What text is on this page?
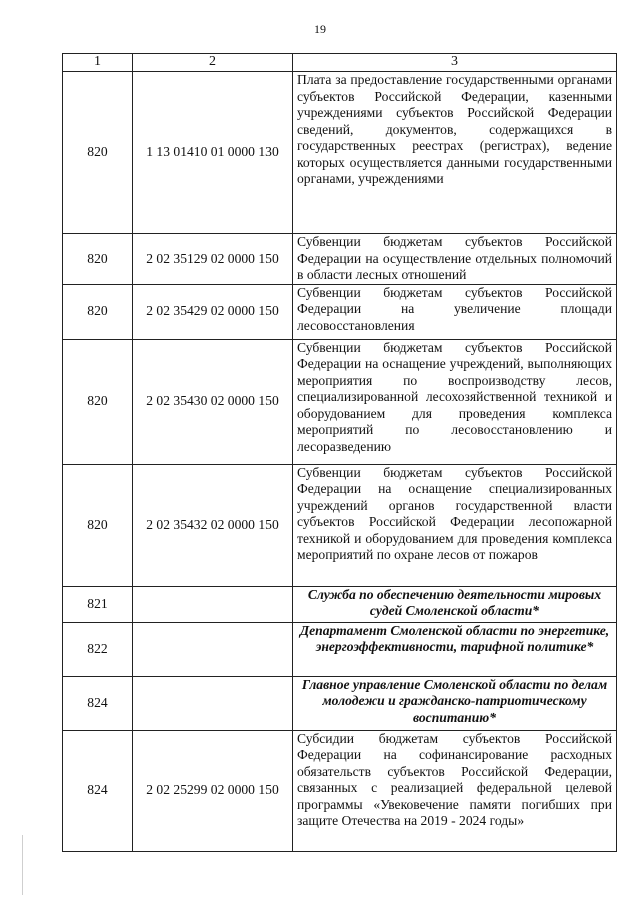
19
1	2	3
820	1 13 01410 01 0000 130	Плата за предоставление государственными органами субъектов Российской Федерации, казенными учреждениями субъектов Российской Федерации сведений, документов, содержащихся в государственных реестрах (регистрах), ведение которых осуществляется данными государственными органами, учреждениями
820	2 02 35129 02 0000 150	Субвенции бюджетам субъектов Российской Федерации на осуществление отдельных полномочий в области лесных отношений
820	2 02 35429 02 0000 150	Субвенции бюджетам субъектов Российской Федерации на увеличение площади лесовосстановления
820	2 02 35430 02 0000 150	Субвенции бюджетам субъектов Российской Федерации на оснащение учреждений, выполняющих мероприятия по воспроизводству лесов, специализированной лесохозяйственной техникой и оборудованием для проведения комплекса мероприятий по лесовосстановлению и лесоразведению
820	2 02 35432 02 0000 150	Субвенции бюджетам субъектов Российской Федерации на оснащение специализированных учреждений органов государственной власти субъектов Российской Федерации лесопожарной техникой и оборудованием для проведения комплекса мероприятий по охране лесов от пожаров
821		Служба по обеспечению деятельности мировых судей Смоленской области*
822		Департамент Смоленской области по энергетике, энергоэффективности, тарифной политике*
824		Главное управление Смоленской области по делам молодежи и гражданско-патриотическому воспитанию*
824	2 02 25299 02 0000 150	Субсидии бюджетам субъектов Российской Федерации на софинансирование расходных обязательств субъектов Российской Федерации, связанных с реализацией федеральной целевой программы «Увековечение памяти погибших при защите Отечества на 2019 - 2024 годы»
